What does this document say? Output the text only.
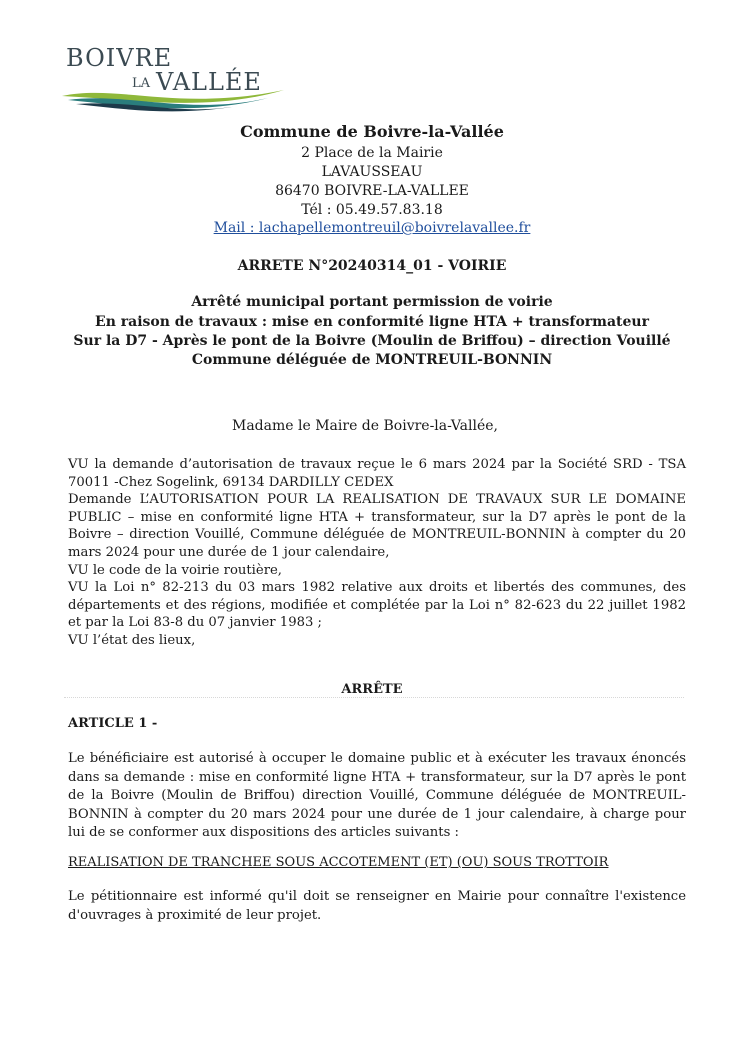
BOIVRE
LA VALLÉE
Commune de Boivre-la-Vallée
2 Place de la Mairie
LAVAUSSEAU
86470 BOIVRE-LA-VALLEE
Tél : 05.49.57.83.18
Mail : lachapellemontreuil@boivrelavallee.fr
ARRETE N°20240314_01 - VOIRIE
Arrêté municipal portant permission de voirie
En raison de travaux : mise en conformité ligne HTA + transformateur
Sur la D7 - Après le pont de la Boivre (Moulin de Briffou) – direction Vouillé
Commune déléguée de MONTREUIL-BONNIN
Madame le Maire de Boivre-la-Vallée,

VU la demande d’autorisation de travaux reçue le 6 mars 2024 par la Société SRD - TSA 70011 -Chez Sogelink, 69134 DARDILLY CEDEX

Demande L’AUTORISATION POUR LA REALISATION DE TRAVAUX SUR LE DOMAINE PUBLIC – mise en conformité ligne HTA + transformateur, sur la D7 après le pont de la Boivre – direction Vouillé, Commune déléguée de MONTREUIL-BONNIN à compter du 20 mars 2024 pour une durée de 1 jour calendaire,

VU le code de la voirie routière,

VU la Loi n° 82-213 du 03 mars 1982 relative aux droits et libertés des communes, des départements et des régions, modifiée et complétée par la Loi n° 82-623 du 22 juillet 1982 et par la Loi 83-8 du 07 janvier 1983 ;

VU l’état des lieux,

ARRÊTE
ARTICLE 1 -

Le bénéficiaire est autorisé à occuper le domaine public et à exécuter les travaux énoncés dans sa demande : mise en conformité ligne HTA + transformateur, sur la D7 après le pont de la Boivre (Moulin de Briffou) direction Vouillé, Commune déléguée de MONTREUIL-BONNIN à compter du 20 mars 2024 pour une durée de 1 jour calendaire, à charge pour lui de se conformer aux dispositions des articles suivants :

REALISATION DE TRANCHEE SOUS ACCOTEMENT (ET) (OU) SOUS TROTTOIR

Le pétitionnaire est informé qu'il doit se renseigner en Mairie pour connaître l'existence d'ouvrages à proximité de leur projet.
